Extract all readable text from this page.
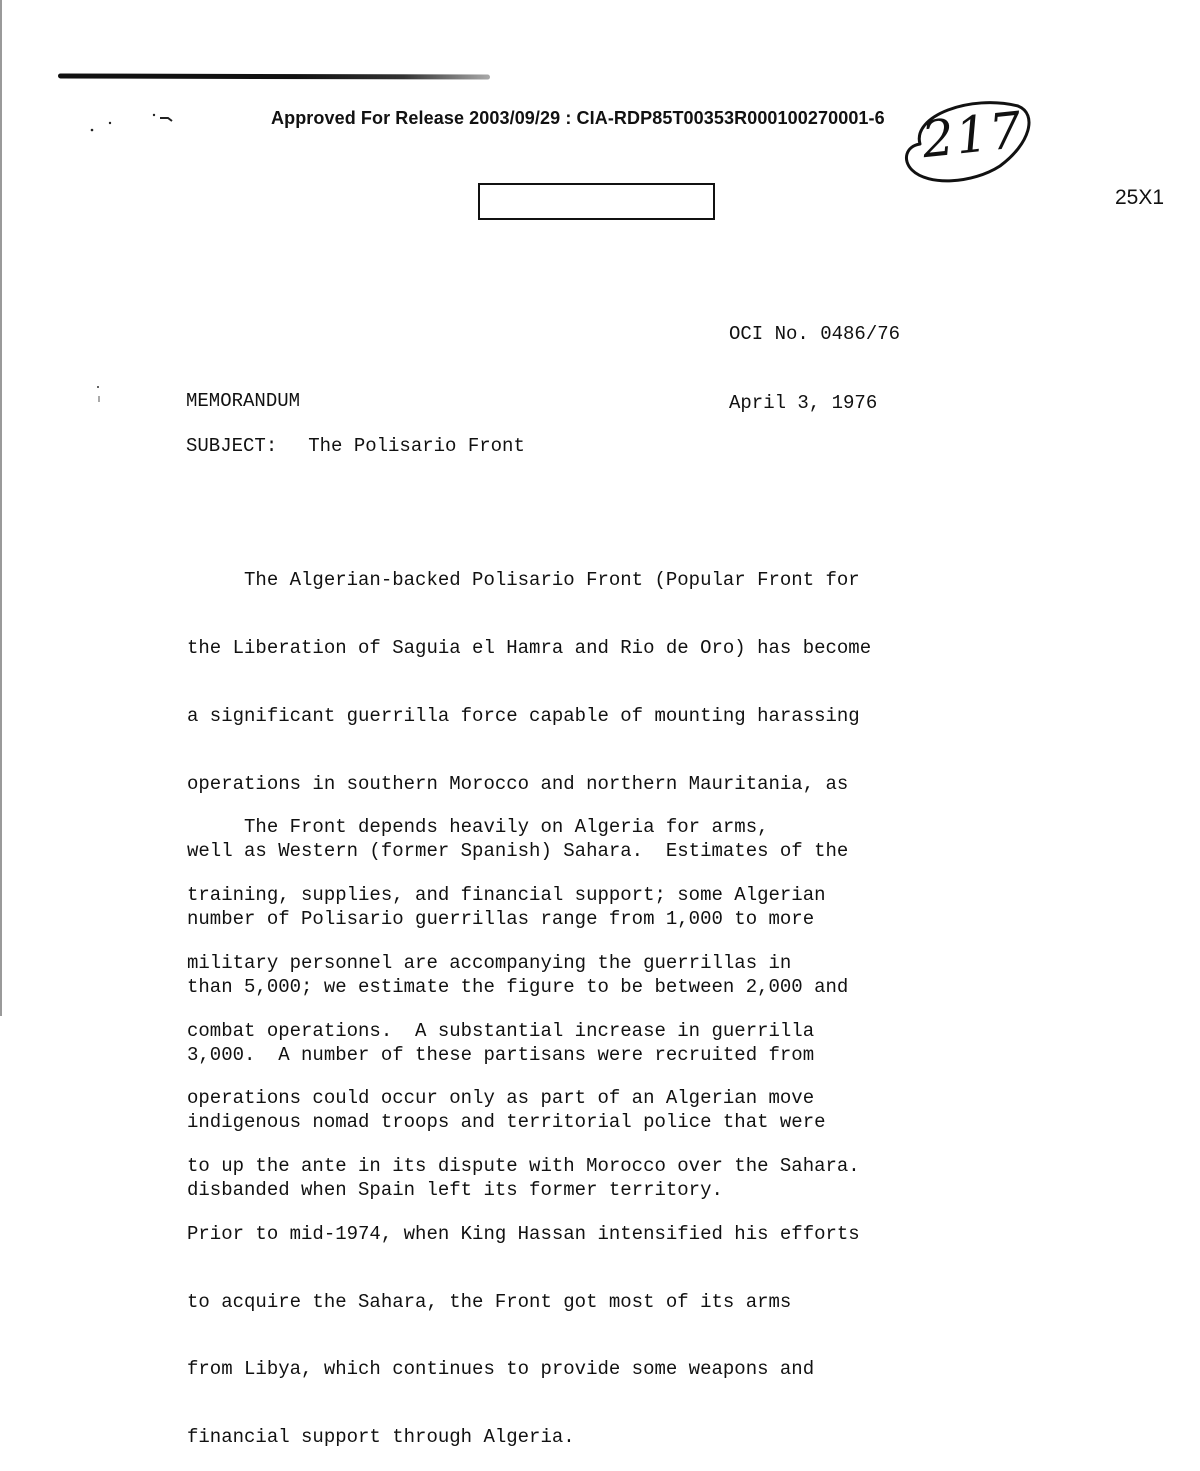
Approved For Release 2003/09/29 : CIA-RDP85T00353R000100270001-6 217
25X1

OCI No. 0486/76

April 3, 1976

MEMORANDUM
SUBJECT: The Polisario Front

The Algerian-backed Polisario Front (Popular Front for

the Liberation of Saguia el Hamra and Rio de Oro) has become

a significant guerrilla force capable of mounting harassing

operations in southern Morocco and northern Mauritania, as

well as Western (former Spanish) Sahara.  Estimates of the

number of Polisario guerrillas range from 1,000 to more

than 5,000; we estimate the figure to be between 2,000 and

3,000.  A number of these partisans were recruited from

indigenous nomad troops and territorial police that were

disbanded when Spain left its former territory.

The Front depends heavily on Algeria for arms,

training, supplies, and financial support; some Algerian

military personnel are accompanying the guerrillas in

combat operations.  A substantial increase in guerrilla

operations could occur only as part of an Algerian move

to up the ante in its dispute with Morocco over the Sahara.

Prior to mid-1974, when King Hassan intensified his efforts

to acquire the Sahara, the Front got most of its arms

from Libya, which continues to provide some weapons and

financial support through Algeria.
